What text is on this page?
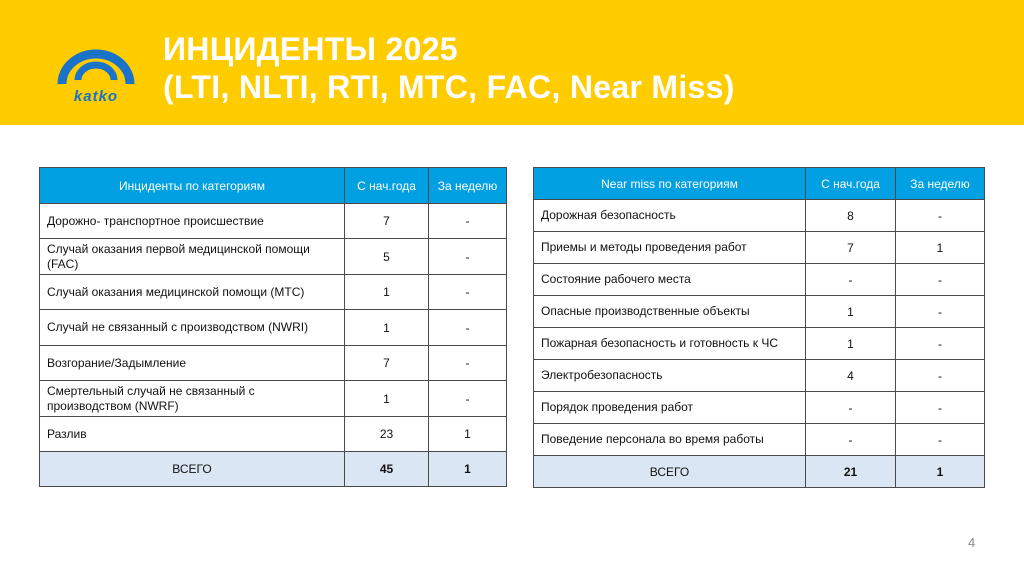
katko
ИНЦИДЕНТЫ 2025
(LTI, NLTI, RTI, MTC, FAC, Near Miss)
Инциденты по категориям	С нач.года	За неделю
Дорожно- транспортное происшествие	7	-
Случай оказания первой медицинской помощи (FAC)	5	-
Случай оказания медицинской помощи (MTC)	1	-
Случай не связанный с производством (NWRI)	1	-
Возгорание/Задымление	7	-
Смертельный случай не связанный с производством (NWRF)	1	-
Разлив	23	1
ВСЕГО	45	1
Near miss по категориям	С нач.года	За неделю
Дорожная безопасность	8	-
Приемы и методы проведения работ	7	1
Состояние рабочего места	-	-
Опасные производственные объекты	1	-
Пожарная безопасность и готовность к ЧС	1	-
Электробезопасность	4	-
Порядок проведения работ	-	-
Поведение персонала во время работы	-	-
ВСЕГО	21	1
4
